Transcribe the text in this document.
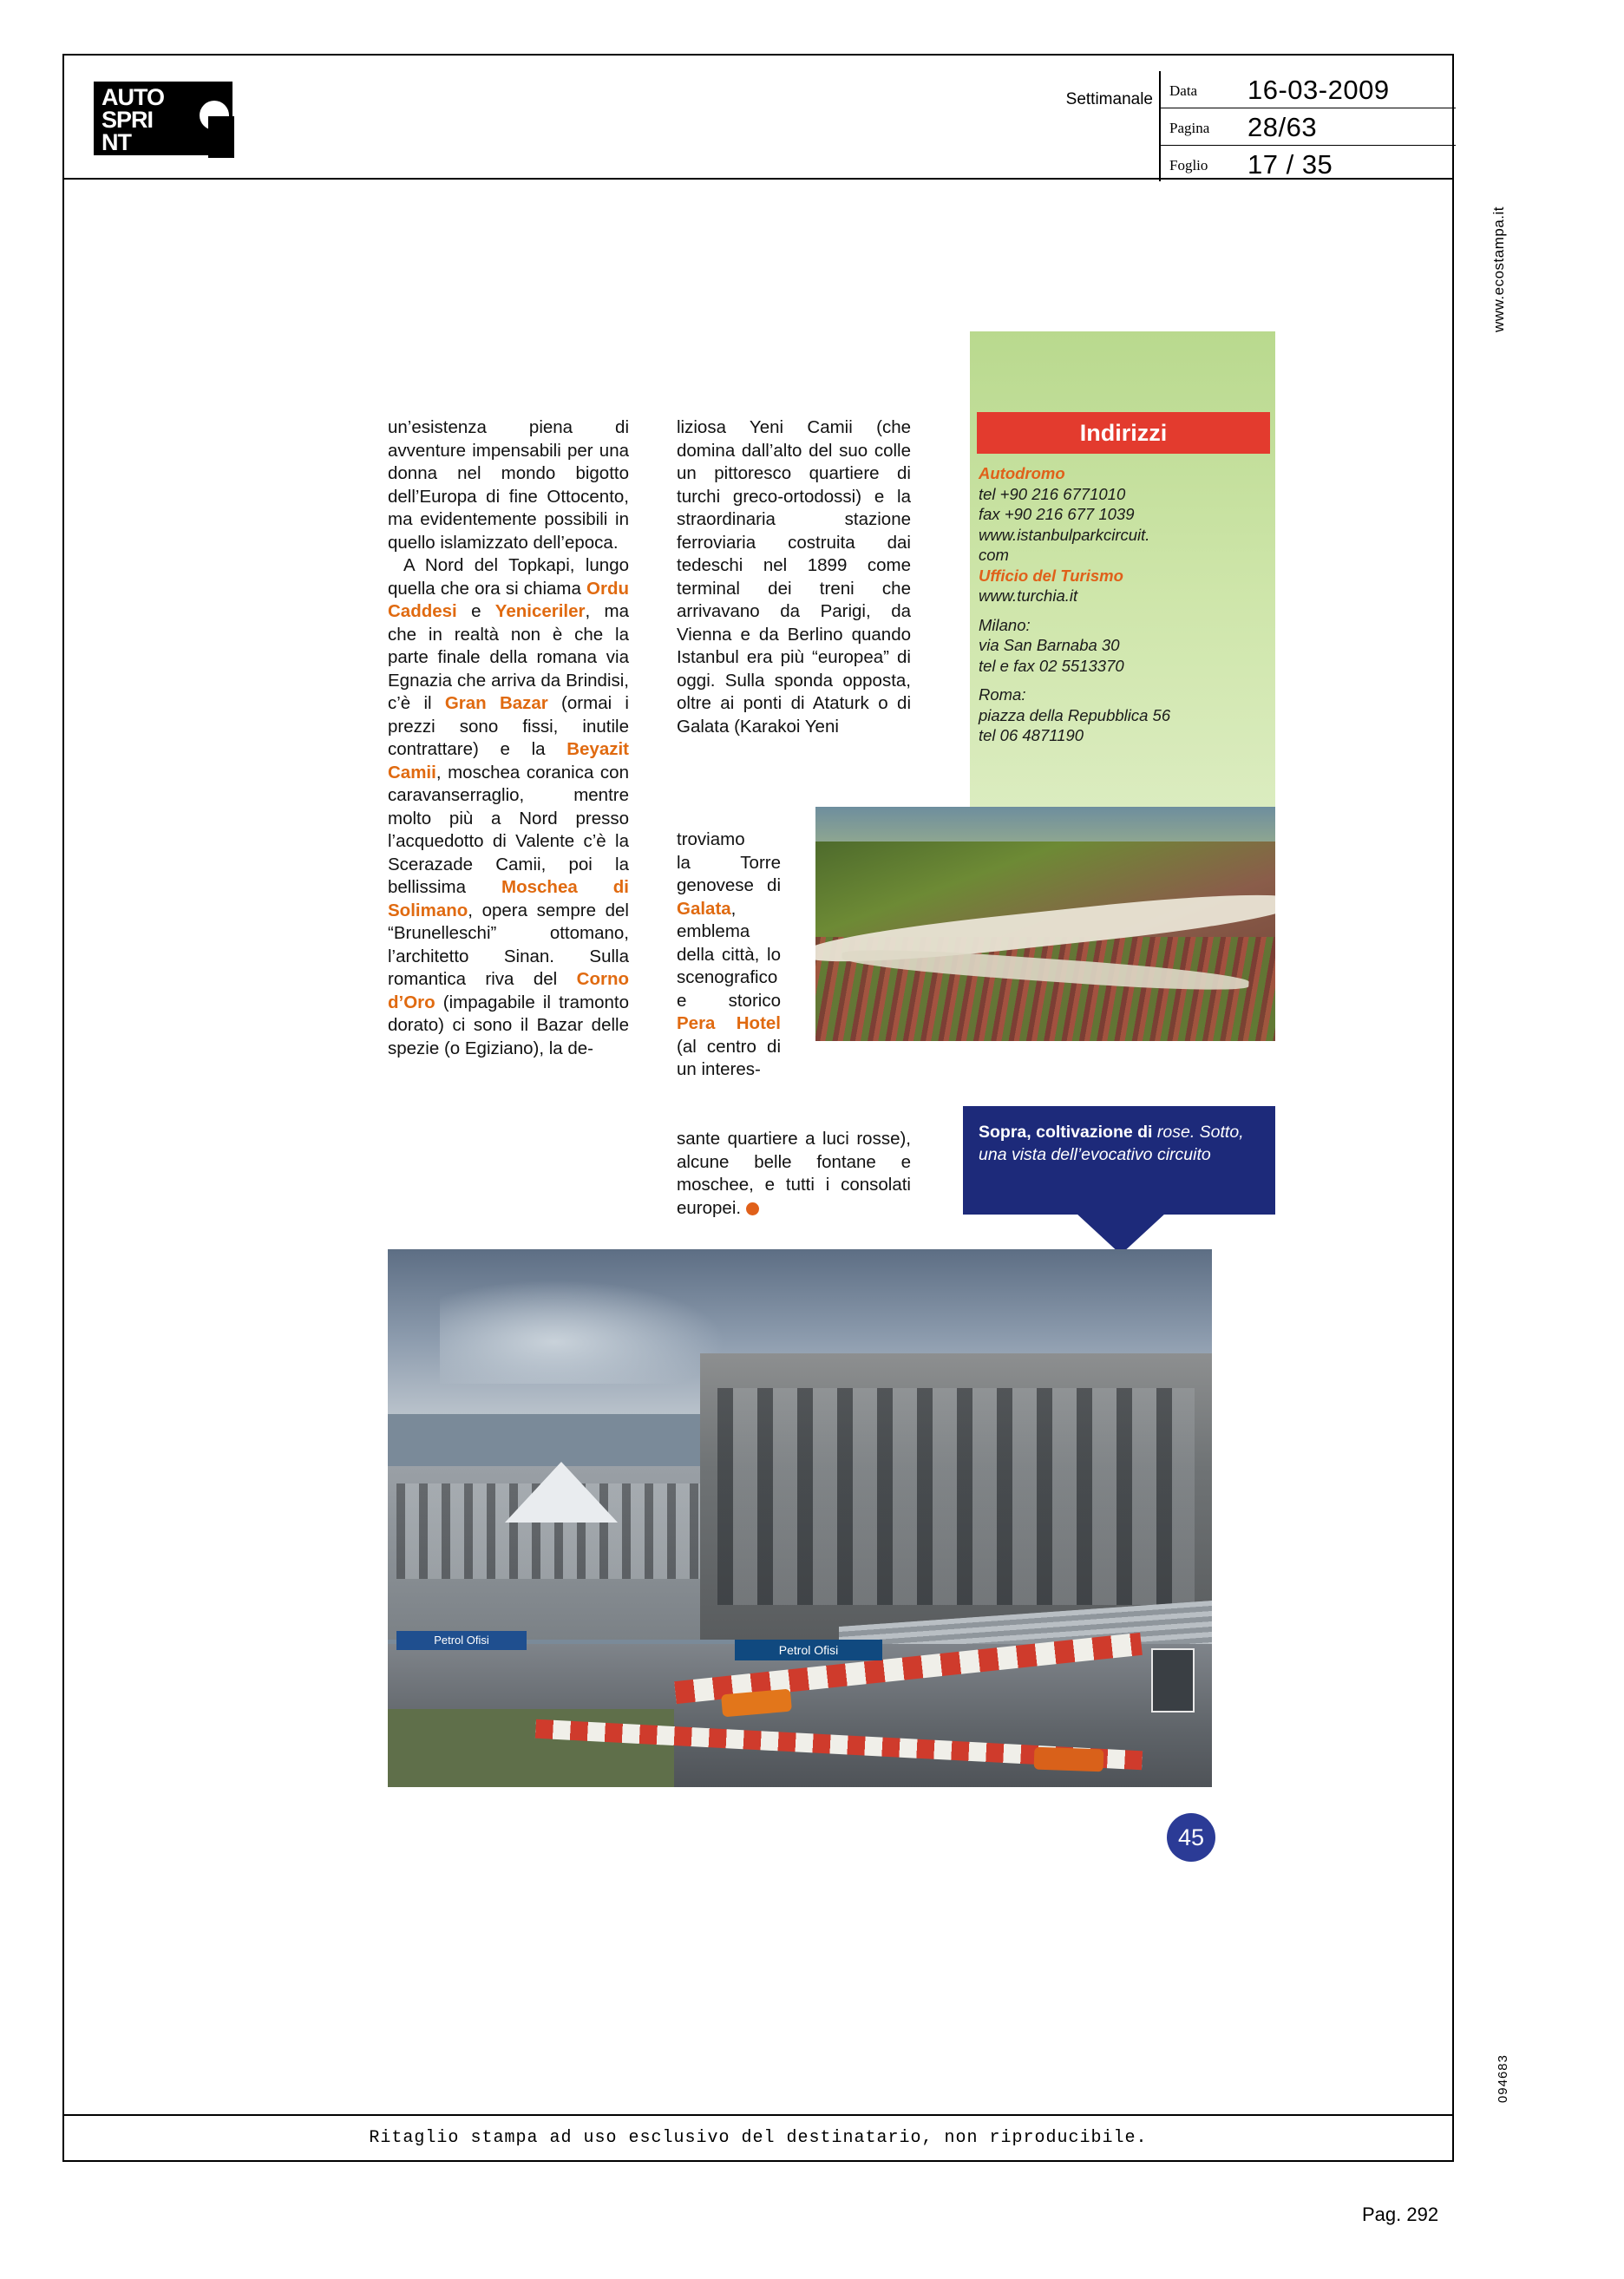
AUTO
SPRI
NT
Settimanale Data 16-03-2009
Pagina 28/63
Foglio 17 / 35
www.ecostampa.it
094683

un’esistenza piena di avventure impensabili per una donna nel mondo bigotto dell’Europa di fine Ottocento, ma evidentemente possibili in quello islamizzato dell’epoca.

A Nord del Topkapi, lungo quella che ora si chiama Ordu Caddesi e Yeniceriler, ma che in realtà non è che la parte finale della romana via Egnazia che arriva da Brindisi, c’è il Gran Bazar (ormai i prezzi sono fissi, inutile contrattare) e la Beyazit Camii, moschea coranica con caravanserraglio, mentre molto più a Nord presso l’acquedotto di Valente c’è la Scerazade Camii, poi la bellissima Moschea di Solimano, opera sempre del “Brunelleschi” ottomano, l’architetto Sinan. Sulla romantica riva del Corno d’Oro (impagabile il tramonto dorato) ci sono il Bazar delle spezie (o Egiziano), la de-

liziosa Yeni Camii (che domina dall’alto del suo colle un pittoresco quartiere di turchi greco-ortodossi) e la straordinaria stazione ferroviaria costruita dai tedeschi nel 1899 come terminal dei treni che arrivavano da Parigi, da Vienna e da Berlino quando Istanbul era più “europea” di oggi. Sulla sponda opposta, oltre ai ponti di Ataturk o di Galata (Karakoi Yeni
troviamo la   Torre genovese di Galata, emblema della città, lo scenografico e storico Pera Hotel (al centro di un interes-
sante quartiere a luci rosse), alcune belle fontane e moschee, e tutti i consolati europei.
Indirizzi
Autodromo
tel +90 216 6771010
fax +90 216 677 1039
www.istanbulparkcircuit.
com
Ufficio del Turismo
www.turchia.it
Milano:
via San Barnaba 30
tel e fax 02 5513370
Roma:
piazza della Repubblica 56
tel 06 4871190
Sopra, coltivazione di rose. Sotto, una vista dell’evocativo circuito
Petrol Ofisi
Petrol Ofisi
45
Ritaglio stampa ad uso esclusivo del destinatario, non riproducibile.
Pag. 292
